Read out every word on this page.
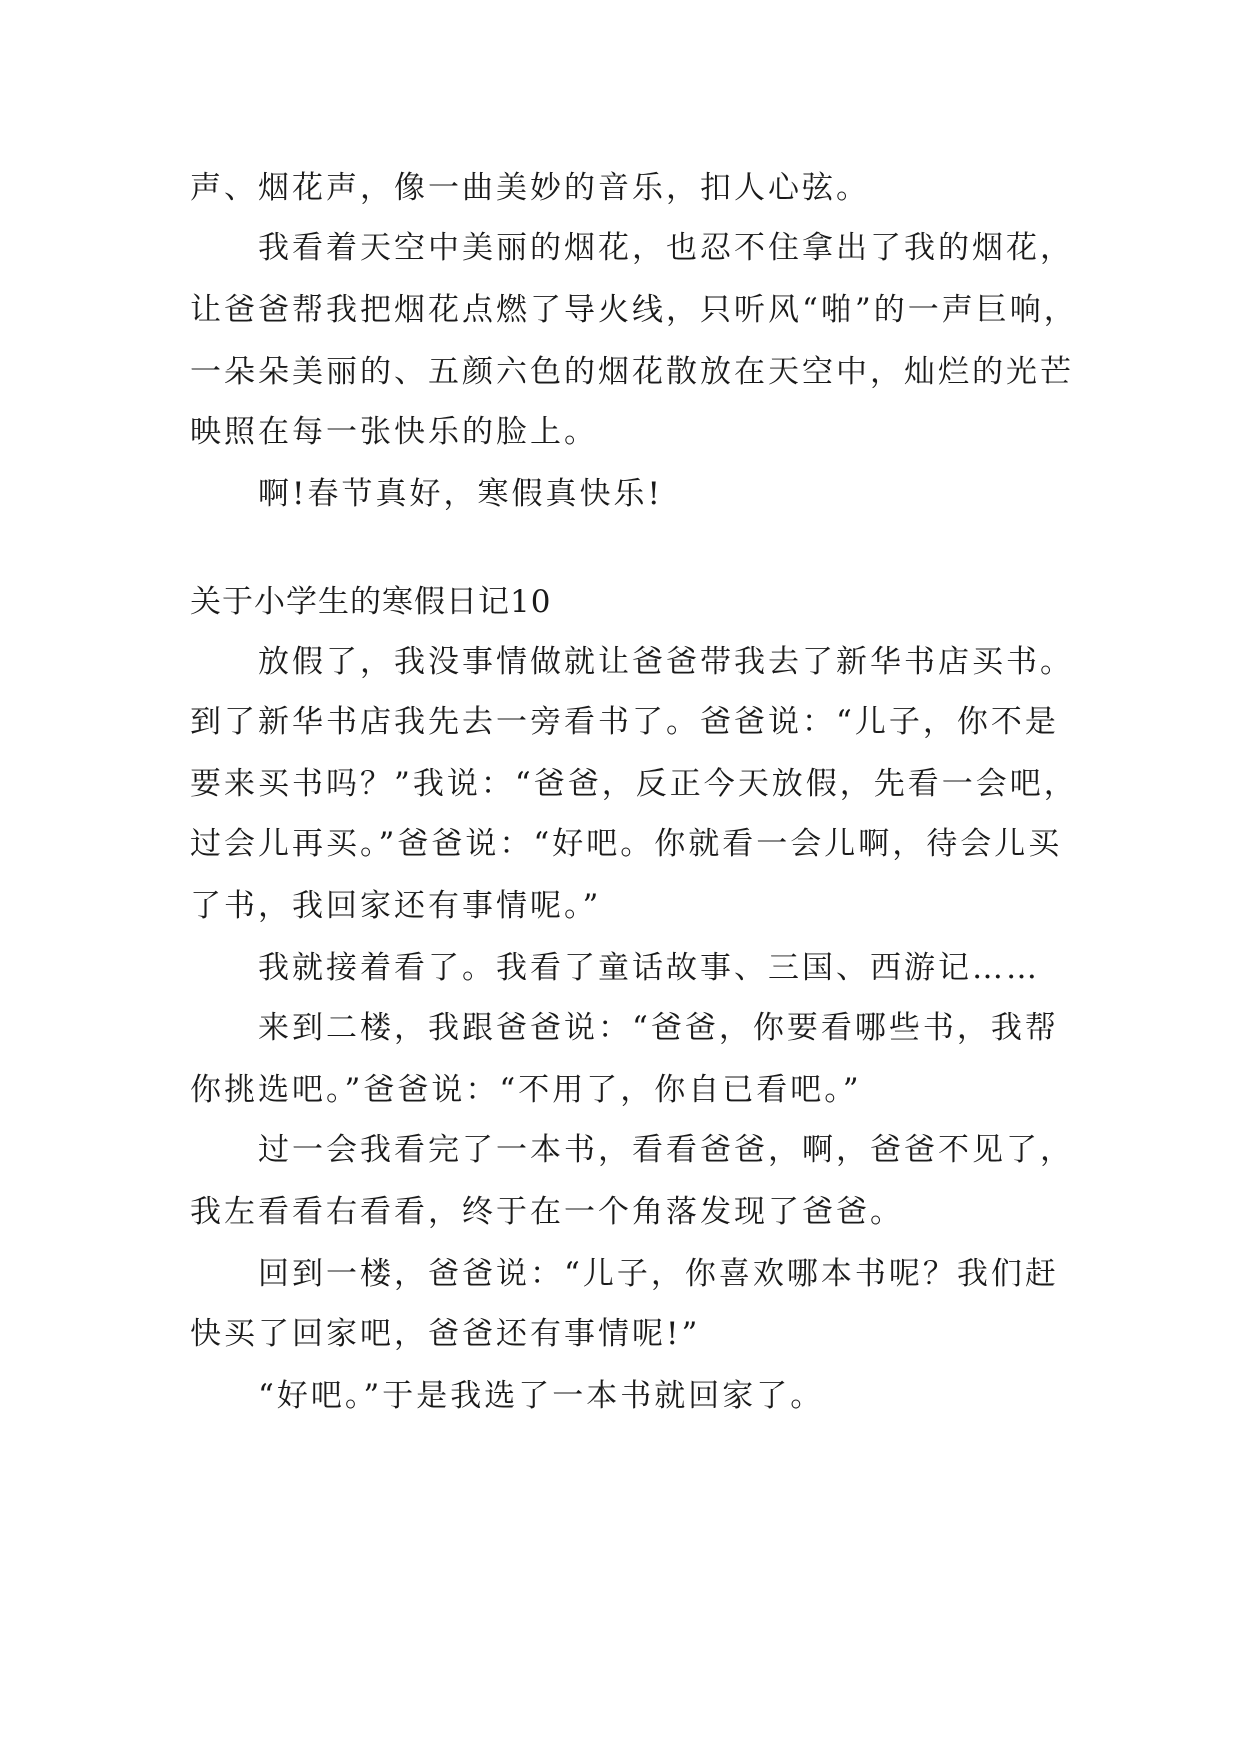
声、烟花声，像一曲美妙的音乐，扣人心弦。
我看着天空中美丽的烟花，也忍不住拿出了我的烟花，
让爸爸帮我把烟花点燃了导火线，只听风“啪”的一声巨响，
一朵朵美丽的、五颜六色的烟花散放在天空中，灿烂的光芒
映照在每一张快乐的脸上。
啊!春节真好，寒假真快乐!
关于小学生的寒假日记10
放假了，我没事情做就让爸爸带我去了新华书店买书。
到了新华书店我先去一旁看书了。爸爸说：“儿子，你不是
要来买书吗？”我说：“爸爸，反正今天放假，先看一会吧，
过会儿再买。”爸爸说：“好吧。你就看一会儿啊，待会儿买
了书，我回家还有事情呢。”
我就接着看了。我看了童话故事、三国、西游记……
来到二楼，我跟爸爸说：“爸爸，你要看哪些书，我帮
你挑选吧。”爸爸说：“不用了，你自已看吧。”
过一会我看完了一本书，看看爸爸，啊，爸爸不见了，
我左看看右看看，终于在一个角落发现了爸爸。
回到一楼，爸爸说：“儿子，你喜欢哪本书呢？我们赶
快买了回家吧，爸爸还有事情呢!”
“好吧。”于是我选了一本书就回家了。
